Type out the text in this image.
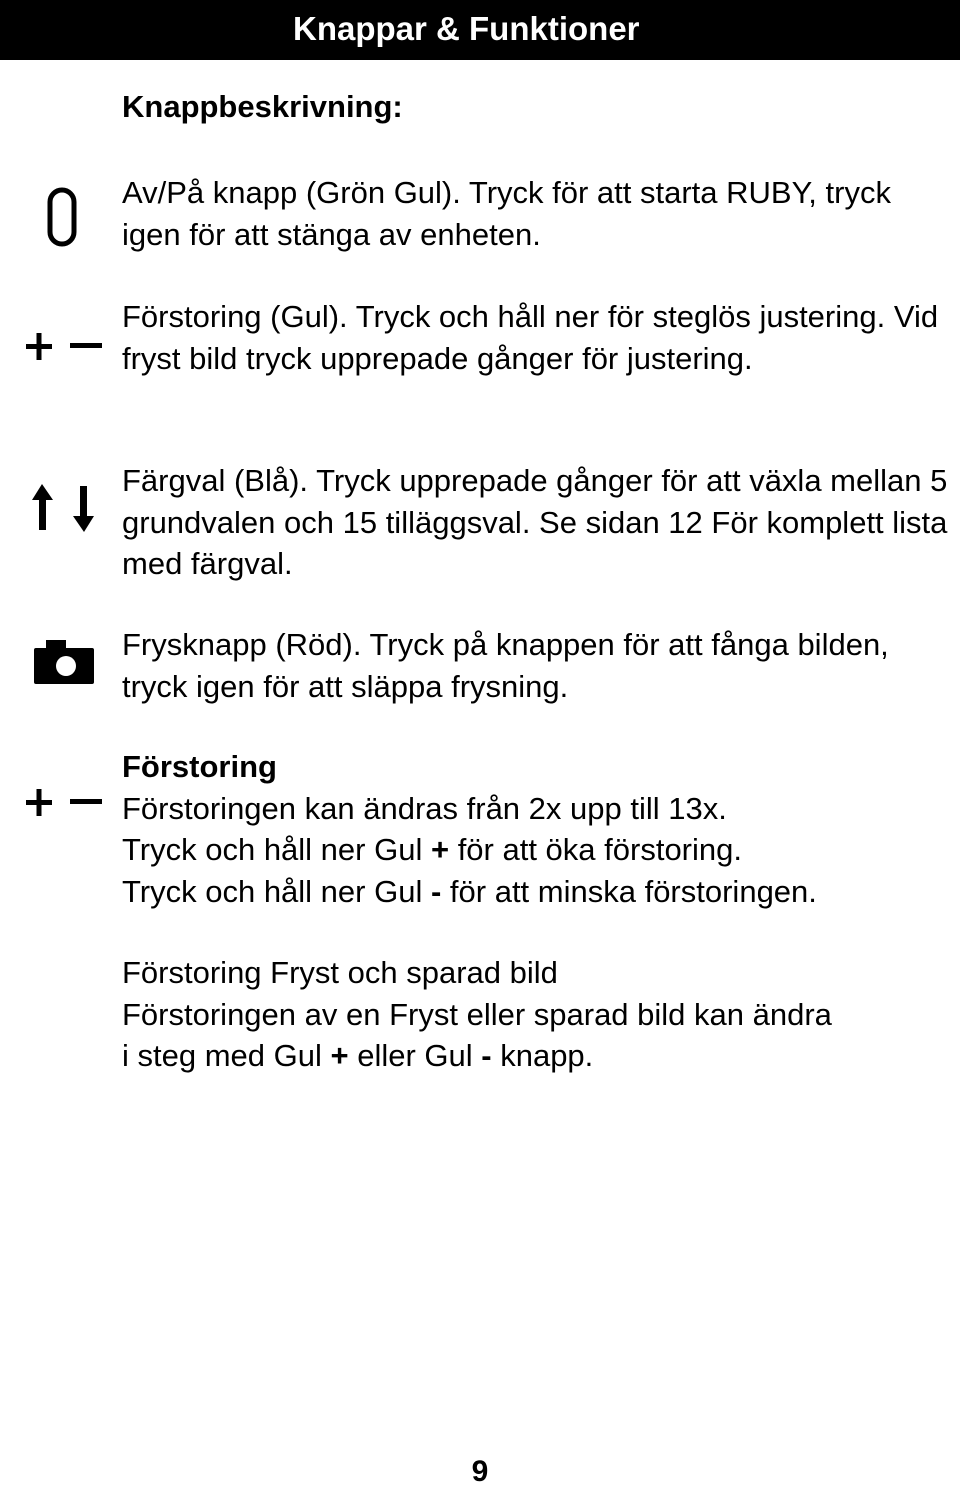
Knappar & Funktioner
Knappbeskrivning:

Av/På knapp (Grön Gul). Tryck för att starta RUBY, tryck igen för att stänga av enheten.

Förstoring (Gul). Tryck och håll ner för steglös justering. Vid fryst bild tryck upprepade gånger för justering.

Färgval (Blå). Tryck upprepade gånger för att växla mellan 5 grundvalen och 15 tilläggsval. Se sidan 12 För komplett lista med färgval.

Frysknapp (Röd). Tryck på knappen för att fånga bilden, tryck igen för att släppa frysning.

Förstoring

Förstoringen kan ändras från 2x upp till 13x.

Tryck och håll ner Gul + för att öka förstoring.

Tryck och håll ner Gul - för att minska förstoringen.

Förstoring Fryst och sparad bild

Förstoringen av en Fryst eller sparad bild kan ändra

i steg med Gul + eller Gul - knapp.

9
